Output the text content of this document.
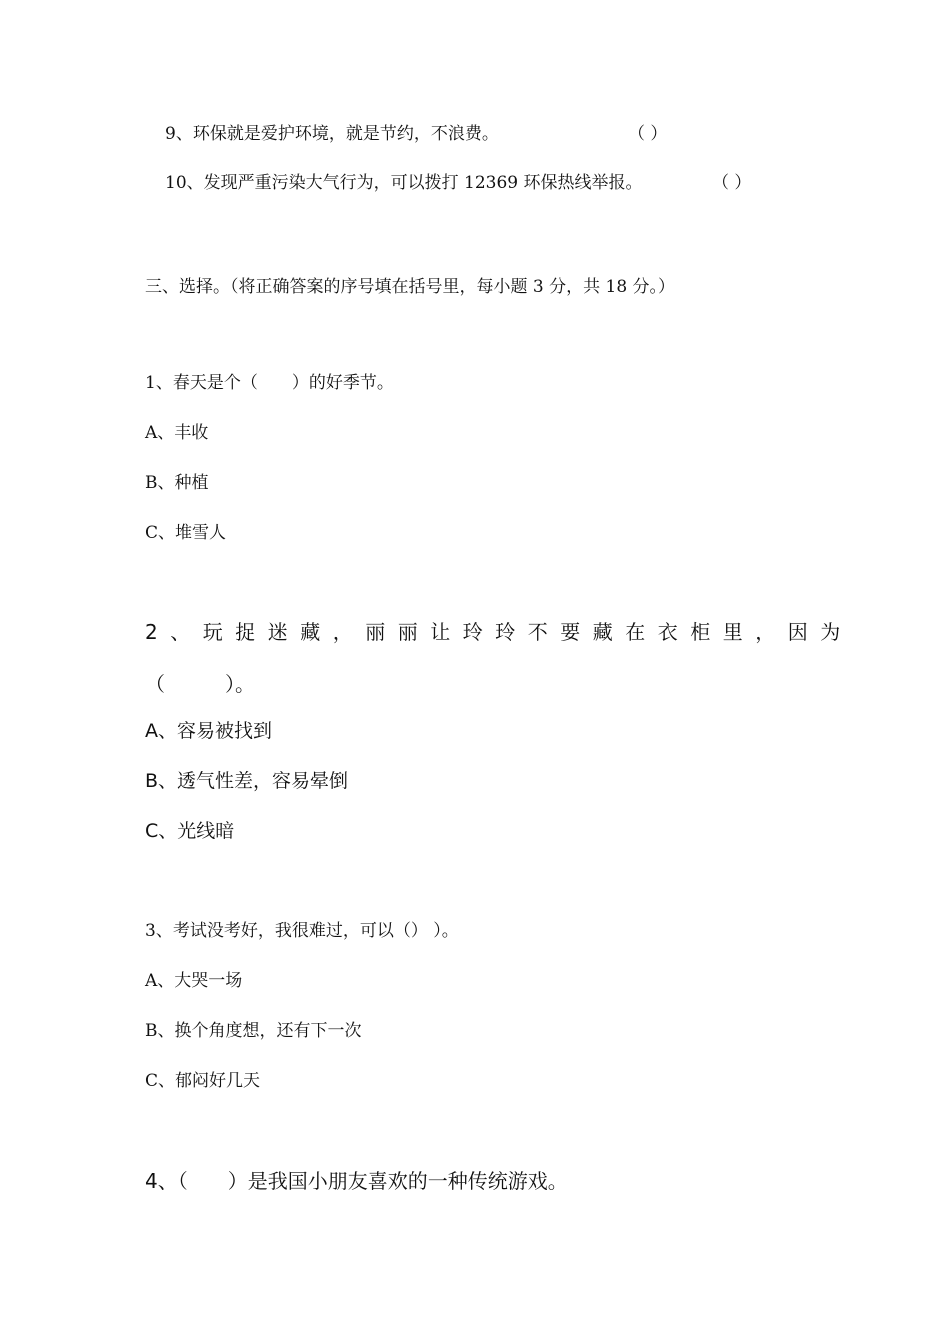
9、环保就是爱护环境，就是节约，不浪费。	（ ）
10、发现严重污染大气行为，可以拨打 12369 环保热线举报。	（ ）
三、选择。（将正确答案的序号填在括号里，每小题 3 分，共 18 分。）
1、春天是个（　　）的好季节。
A、丰收
B、种植
C、堆雪人
2、玩捉迷藏，丽丽让玲玲不要藏在衣柜里，因为
（　　　）。
A、容易被找到
B、透气性差，容易晕倒
C、光线暗
3、考试没考好，我很难过，可以（） ）。
A、大哭一场
B、换个角度想，还有下一次
C、郁闷好几天
4、（　　）是我国小朋友喜欢的一种传统游戏。
